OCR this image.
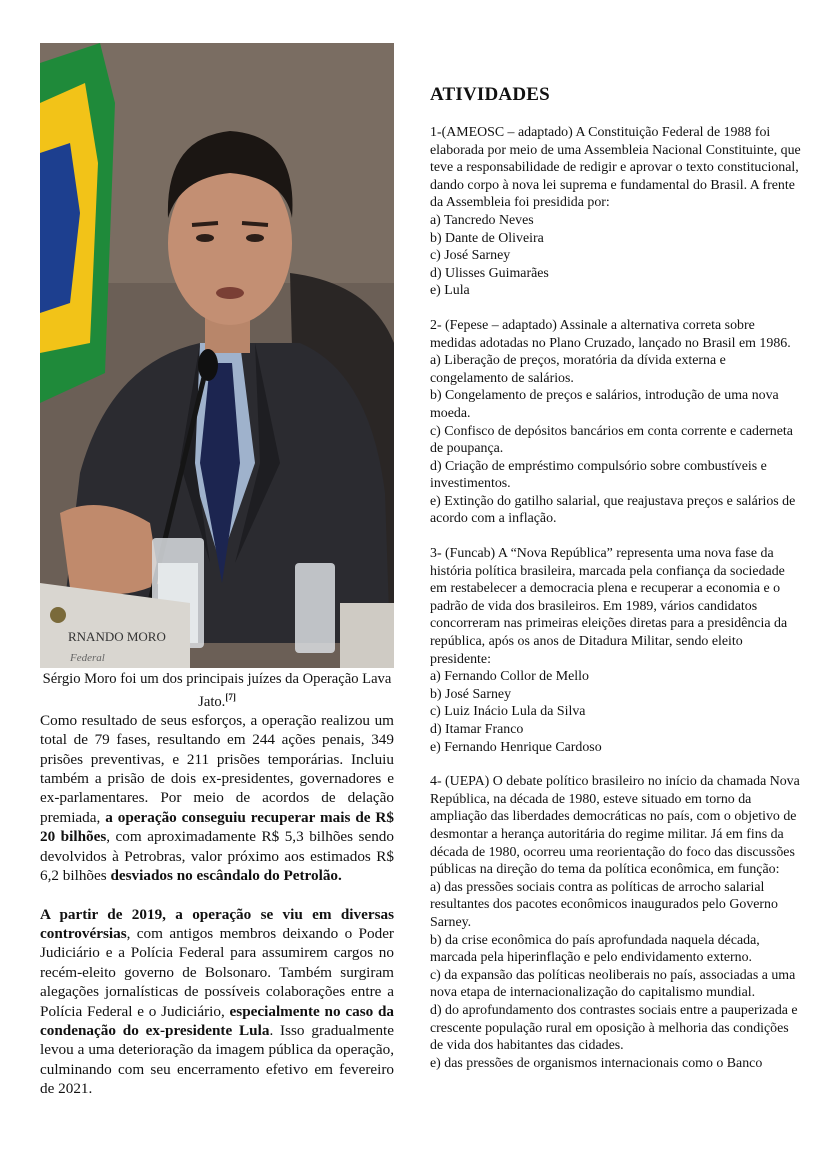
RNANDO MORO
Federal
Sérgio Moro foi um dos principais juízes da Operação Lava Jato.[7]

Como resultado de seus esforços, a operação realizou um total de 79 fases, resultando em 244 ações penais, 349 prisões preventivas, e 211 prisões temporárias. Incluiu também a prisão de dois ex-presidentes, governadores e ex-parlamentares. Por meio de acordos de delação premiada, a operação conseguiu recuperar mais de R$ 20 bilhões, com aproximadamente R$ 5,3 bilhões sendo devolvidos à Petrobras, valor próximo aos estimados R$ 6,2 bilhões desviados no escândalo do Petrolão.

A partir de 2019, a operação se viu em diversas controvérsias, com antigos membros deixando o Poder Judiciário e a Polícia Federal para assumirem cargos no recém-eleito governo de Bolsonaro. Também surgiram alegações jornalísticas de possíveis colaborações entre a Polícia Federal e o Judiciário, especialmente no caso da condenação do ex-presidente Lula. Isso gradualmente levou a uma deterioração da imagem pública da operação, culminando com seu encerramento efetivo em fevereiro de 2021.

ATIVIDADES

1-(AMEOSC – adaptado) A Constituição Federal de 1988 foi elaborada por meio de uma Assembleia Nacional Constituinte, que teve a responsabilidade de redigir e aprovar o texto constitucional, dando corpo à nova lei suprema e fundamental do Brasil. A frente da Assembleia foi presidida por:

a) Tancredo Neves

b) Dante de Oliveira

c) José Sarney

d) Ulisses Guimarães

e) Lula

2- (Fepese – adaptado) Assinale a alternativa correta sobre medidas adotadas no Plano Cruzado, lançado no Brasil em 1986.

a) Liberação de preços, moratória da dívida externa e congelamento de salários.

b) Congelamento de preços e salários, introdução de uma nova moeda.

c) Confisco de depósitos bancários em conta corrente e caderneta de poupança.

d) Criação de empréstimo compulsório sobre combustíveis e investimentos.

e) Extinção do gatilho salarial, que reajustava preços e salários de acordo com a inflação.

3- (Funcab) A “Nova República” representa uma nova fase da história política brasileira, marcada pela confiança da sociedade em restabelecer a democracia plena e recuperar a economia e o padrão de vida dos brasileiros. Em 1989, vários candidatos concorreram nas primeiras eleições diretas para a presidência da república, após os anos de Ditadura Militar, sendo eleito presidente:

a) Fernando Collor de Mello

b) José Sarney

c) Luiz Inácio Lula da Silva

d) Itamar Franco

e) Fernando Henrique Cardoso

4- (UEPA) O debate político brasileiro no início da chamada Nova República, na década de 1980, esteve situado em torno da ampliação das liberdades democráticas no país, com o objetivo de desmontar a herança autoritária do regime militar. Já em fins da década de 1980, ocorreu uma reorientação do foco das discussões públicas na direção do tema da política econômica, em função:

a) das pressões sociais contra as políticas de arrocho salarial resultantes dos pacotes econômicos inaugurados pelo Governo Sarney.

b) da crise econômica do país aprofundada naquela década, marcada pela hiperinflação e pelo endividamento externo.

c) da expansão das políticas neoliberais no país, associadas a uma nova etapa de internacionalização do capitalismo mundial.

d) do aprofundamento dos contrastes sociais entre a pauperizada e crescente população rural em oposição à melhoria das condições de vida dos habitantes das cidades.

e) das pressões de organismos internacionais como o Banco
